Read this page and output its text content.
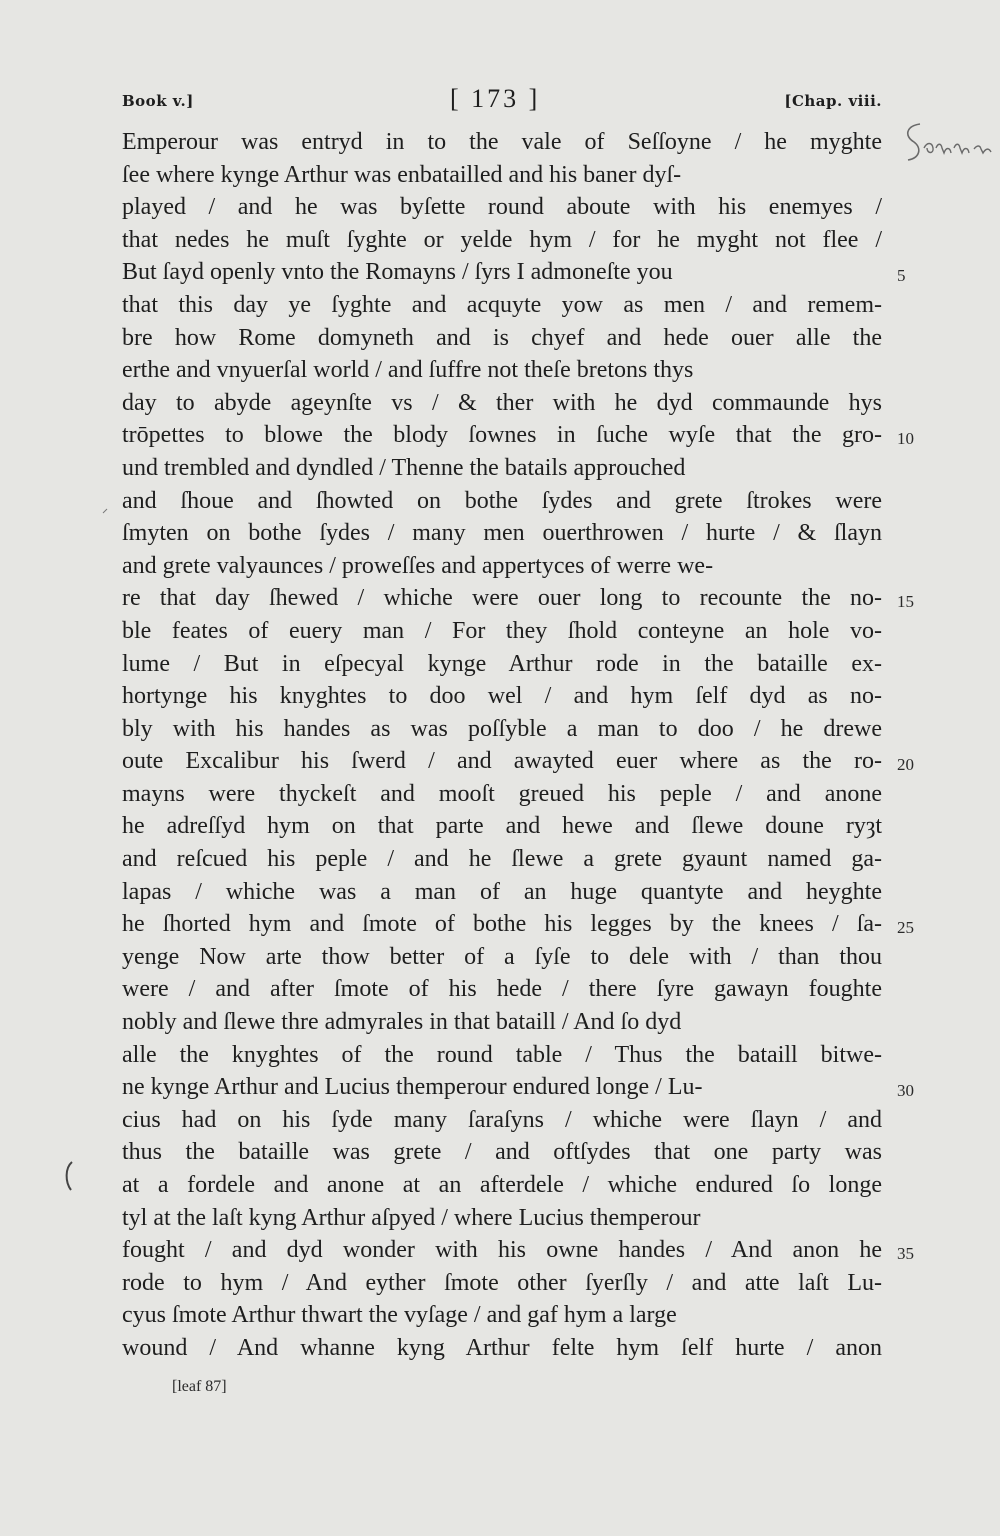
Book v.]	[ 173 ]	[Chap. viii.
Emperour was entryd in to the vale of Seſſoyne / he myghte
ſee where kynge Arthur was enbatailled and his baner dyſ-
played / and he was byſette round aboute with his enemyes /
that nedes he muſt ſyghte or yelde hym / for he myght not flee /
But ſayd openly vnto the Romayns / ſyrs I admoneſte you	5
that this day ye ſyghte and acquyte yow as men / and remem-
bre how Rome domyneth and is chyef and hede ouer alle the
erthe and vnyuerſal world / and ſuffre not theſe bretons thys
day to abyde ageynſte vs / & ther with he dyd commaunde hys
trōpettes to blowe the blody ſownes in ſuche wyſe that the gro- 10
und trembled and dyndled / Thenne the batails approuched
and ſhoue and ſhowted on bothe ſydes and grete ſtrokes were
ſmyten on bothe ſydes / many men ouerthrowen / hurte / & ſlayn
and grete valyaunces / proweſſes and appertyces of werre we-
re that day ſhewed / whiche were ouer long to recounte the no- 15
ble feates of euery man / For they ſhold conteyne an hole vo-
lume / But in eſpecyal kynge Arthur rode in the bataille ex-
hortynge his knyghtes to doo wel / and hym ſelf dyd as no-
bly with his handes as was poſſyble a man to doo / he drewe
oute Excalibur his ſwerd / and awayted euer where as the ro- 20
mayns were thyckeſt and mooſt greued his peple / and anone
he adreſſyd hym on that parte and hewe and ſlewe doune ryȝt
and reſcued his peple / and he ſlewe a grete gyaunt named ga-
lapas / whiche was a man of an huge quantyte and heyghte
he ſhorted hym and ſmote of bothe his legges by the knees / ſa- 25
yenge Now arte thow better of a ſyſe to dele with / than thou
were / and after ſmote of his hede / there ſyre gawayn foughte
nobly and ſlewe thre admyrales in that bataill / And ſo dyd
alle the knyghtes of the round table / Thus the bataill bitwe-
ne kynge Arthur and Lucius themperour endured longe / Lu-	30
cius had on his ſyde many ſaraſyns / whiche were ſlayn / and
thus the bataille was grete / and oftſydes that one party was
at a fordele and anone at an afterdele / whiche endured ſo longe
tyl at the laſt kyng Arthur aſpyed / where Lucius themperour
fought / and dyd wonder with his owne handes / And anon he 35
rode to hym / And eyther ſmote other ſyerſly / and atte laſt Lu-
cyus ſmote Arthur thwart the vyſage / and gaf hym a large
wound / And whanne kyng Arthur felte hym ſelf hurte / anon
[leaf 87]
